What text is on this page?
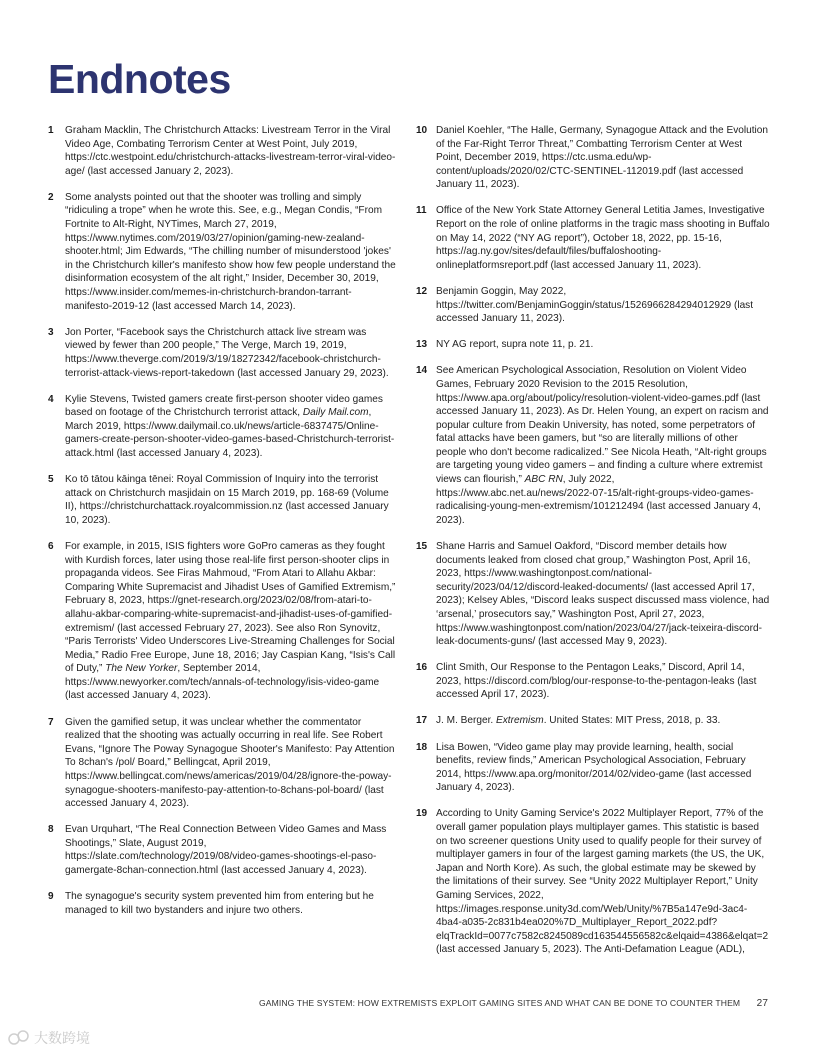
Endnotes
1	Graham Macklin, The Christchurch Attacks: Livestream Terror in the Viral Video Age, Combating Terrorism Center at West Point, July 2019, https://ctc.westpoint.edu/christchurch-attacks-livestream-terror-viral-video-age/ (last accessed January 2, 2023).
2	Some analysts pointed out that the shooter was trolling and simply “ridiculing a trope” when he wrote this. See, e.g., Megan Condis, “From Fortnite to Alt-Right, NYTimes, March 27, 2019, https://www.nytimes.com/2019/03/27/opinion/gaming-new-zealand-shooter.html; Jim Edwards, “The chilling number of misunderstood 'jokes' in the Christchurch killer's manifesto show how few people understand the disinformation ecosystem of the alt right,” Insider, December 30, 2019, https://www.insider.com/memes-in-christchurch-brandon-tarrant-manifesto-2019-12 (last accessed March 14, 2023).
3	Jon Porter, “Facebook says the Christchurch attack live stream was viewed by fewer than 200 people,” The Verge, March 19, 2019, https://www.theverge.com/2019/3/19/18272342/facebook-christchurch-terrorist-attack-views-report-takedown (last accessed January 29, 2023).
4	Kylie Stevens, Twisted gamers create first-person shooter video games based on footage of the Christchurch terrorist attack, Daily Mail.com, March 2019, https://www.dailymail.co.uk/news/article-6837475/Online-gamers-create-person-shooter-video-games-based-Christchurch-terrorist-attack.html (last accessed January 4, 2023).
5	Ko tō tātou kāinga tēnei: Royal Commission of Inquiry into the terrorist attack on Christchurch masjidain on 15 March 2019, pp. 168-69 (Volume II), https://christchurchattack.royalcommission.nz (last accessed January 10, 2023).
6	For example, in 2015, ISIS fighters wore GoPro cameras as they fought with Kurdish forces, later using those real-life first person-shooter clips in propaganda videos. See Firas Mahmoud, “From Atari to Allahu Akbar: Comparing White Supremacist and Jihadist Uses of Gamified Extremism,” February 8, 2023, https://gnet-research.org/2023/02/08/from-atari-to-allahu-akbar-comparing-white-supremacist-and-jihadist-uses-of-gamified-extremism/ (last accessed February 27, 2023). See also Ron Synovitz, “Paris Terrorists' Video Underscores Live-Streaming Challenges for Social Media,” Radio Free Europe, June 18, 2016; Jay Caspian Kang, “Isis's Call of Duty,” The New Yorker, September 2014, https://www.newyorker.com/tech/annals-of-technology/isis-video-game (last accessed January 4, 2023).
7	Given the gamified setup, it was unclear whether the commentator realized that the shooting was actually occurring in real life. See Robert Evans, “Ignore The Poway Synagogue Shooter's Manifesto: Pay Attention To 8chan's /pol/ Board,” Bellingcat, April 2019, https://www.bellingcat.com/news/americas/2019/04/28/ignore-the-poway-synagogue-shooters-manifesto-pay-attention-to-8chans-pol-board/ (last accessed January 4, 2023).
8	Evan Urquhart, “The Real Connection Between Video Games and Mass Shootings,” Slate, August 2019, https://slate.com/technology/2019/08/video-games-shootings-el-paso-gamergate-8chan-connection.html (last accessed January 4, 2023).
9	The synagogue's security system prevented him from entering but he managed to kill two bystanders and injure two others.
10 Daniel Koehler, “The Halle, Germany, Synagogue Attack and the Evolution of the Far-Right Terror Threat,” Combatting Terrorism Center at West Point, December 2019, https://ctc.usma.edu/wp-content/uploads/2020/02/CTC-SENTINEL-112019.pdf (last accessed January 11, 2023).
11 Office of the New York State Attorney General Letitia James, Investigative Report on the role of online platforms in the tragic mass shooting in Buffalo on May 14, 2022 (“NY AG report”), October 18, 2022, pp. 15-16, https://ag.ny.gov/sites/default/files/buffaloshooting-onlineplatformsreport.pdf (last accessed January 11, 2023).
12 Benjamin Goggin, May 2022, https://twitter.com/BenjaminGoggin/status/1526966284294012929 (last accessed January 11, 2023).
13 NY AG report, supra note 11, p. 21.
14 See American Psychological Association, Resolution on Violent Video Games, February 2020 Revision to the 2015 Resolution, https://www.apa.org/about/policy/resolution-violent-video-games.pdf (last accessed January 11, 2023). As Dr. Helen Young, an expert on racism and popular culture from Deakin University, has noted, some perpetrators of fatal attacks have been gamers, but “so are literally millions of other people who don't become radicalized.” See Nicola Heath, “Alt-right groups are targeting young video gamers – and finding a culture where extremist views can flourish,” ABC RN, July 2022, https://www.abc.net.au/news/2022-07-15/alt-right-groups-video-games-radicalising-young-men-extremism/101212494 (last accessed January 4, 2023).
15 Shane Harris and Samuel Oakford, “Discord member details how documents leaked from closed chat group,” Washington Post, April 16, 2023, https://www.washingtonpost.com/national-security/2023/04/12/discord-leaked-documents/ (last accessed April 17, 2023); Kelsey Ables, “Discord leaks suspect discussed mass violence, had ‘arsenal,’ prosecutors say,” Washington Post, April 27, 2023, https://www.washingtonpost.com/nation/2023/04/27/jack-teixeira-discord-leak-documents-guns/ (last accessed May 9, 2023).
16 Clint Smith, Our Response to the Pentagon Leaks,” Discord, April 14, 2023, https://discord.com/blog/our-response-to-the-pentagon-leaks (last accessed April 17, 2023).
17 J. M. Berger. Extremism. United States: MIT Press, 2018, p. 33.
18 Lisa Bowen, “Video game play may provide learning, health, social benefits, review finds,” American Psychological Association, February 2014, https://www.apa.org/monitor/2014/02/video-game (last accessed January 4, 2023).
19 According to Unity Gaming Service's 2022 Multiplayer Report, 77% of the overall gamer population plays multiplayer games. This statistic is based on two screener questions Unity used to qualify people for their survey of multiplayer gamers in four of the largest gaming markets (the US, the UK, Japan and North Kore). As such, the global estimate may be skewed by the limitations of their survey. See “Unity 2022 Multiplayer Report,” Unity Gaming Services, 2022, https://images.response.unity3d.com/Web/Unity/%7B5a147e9d-3ac4-4ba4-a035-2c831b4ea020%7D_Multiplayer_Report_2022.pdf?elqTrackId=0077c7582c8245089cd163544556582c&elqaid=4386&elqat=2 (last accessed January 5, 2023). The Anti-Defamation League (ADL),
GAMING THE SYSTEM: HOW EXTREMISTS EXPLOIT GAMING SITES AND WHAT CAN BE DONE TO COUNTER THEM 27
大数跨境
